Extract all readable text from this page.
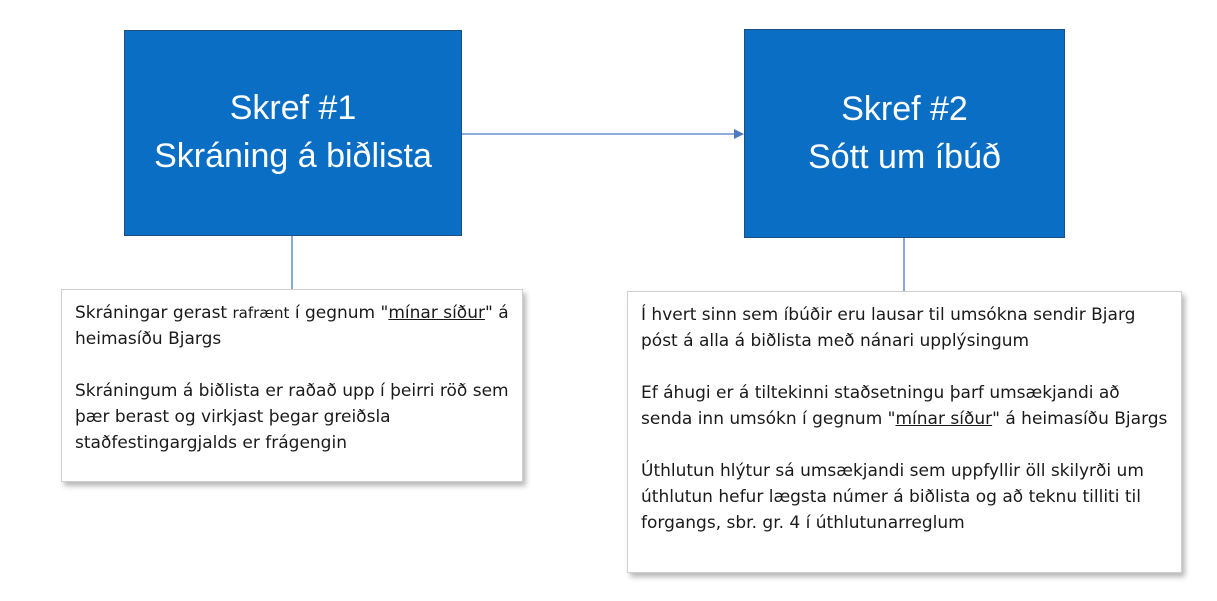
Skref #1
Skráning á biðlista
Skref #2
Sótt um íbúð

Skráningar gerast rafrænt í gegnum "mínar síður" á heimasíðu Bjargs

Skráningum á biðlista er raðað upp í þeirri röð sem þær berast og virkjast þegar greiðsla staðfestingargjalds er frágengin

Í hvert sinn sem íbúðir eru lausar til umsókna sendir Bjarg póst á alla á biðlista með nánari upplýsingum

Ef áhugi er á tiltekinni staðsetningu þarf umsækjandi að senda inn umsókn í gegnum "mínar síður" á heimasíðu Bjargs

Úthlutun hlýtur sá umsækjandi sem uppfyllir öll skilyrði um úthlutun hefur lægsta númer á biðlista og að teknu tilliti til forgangs, sbr. gr. 4 í úthlutunarreglum
